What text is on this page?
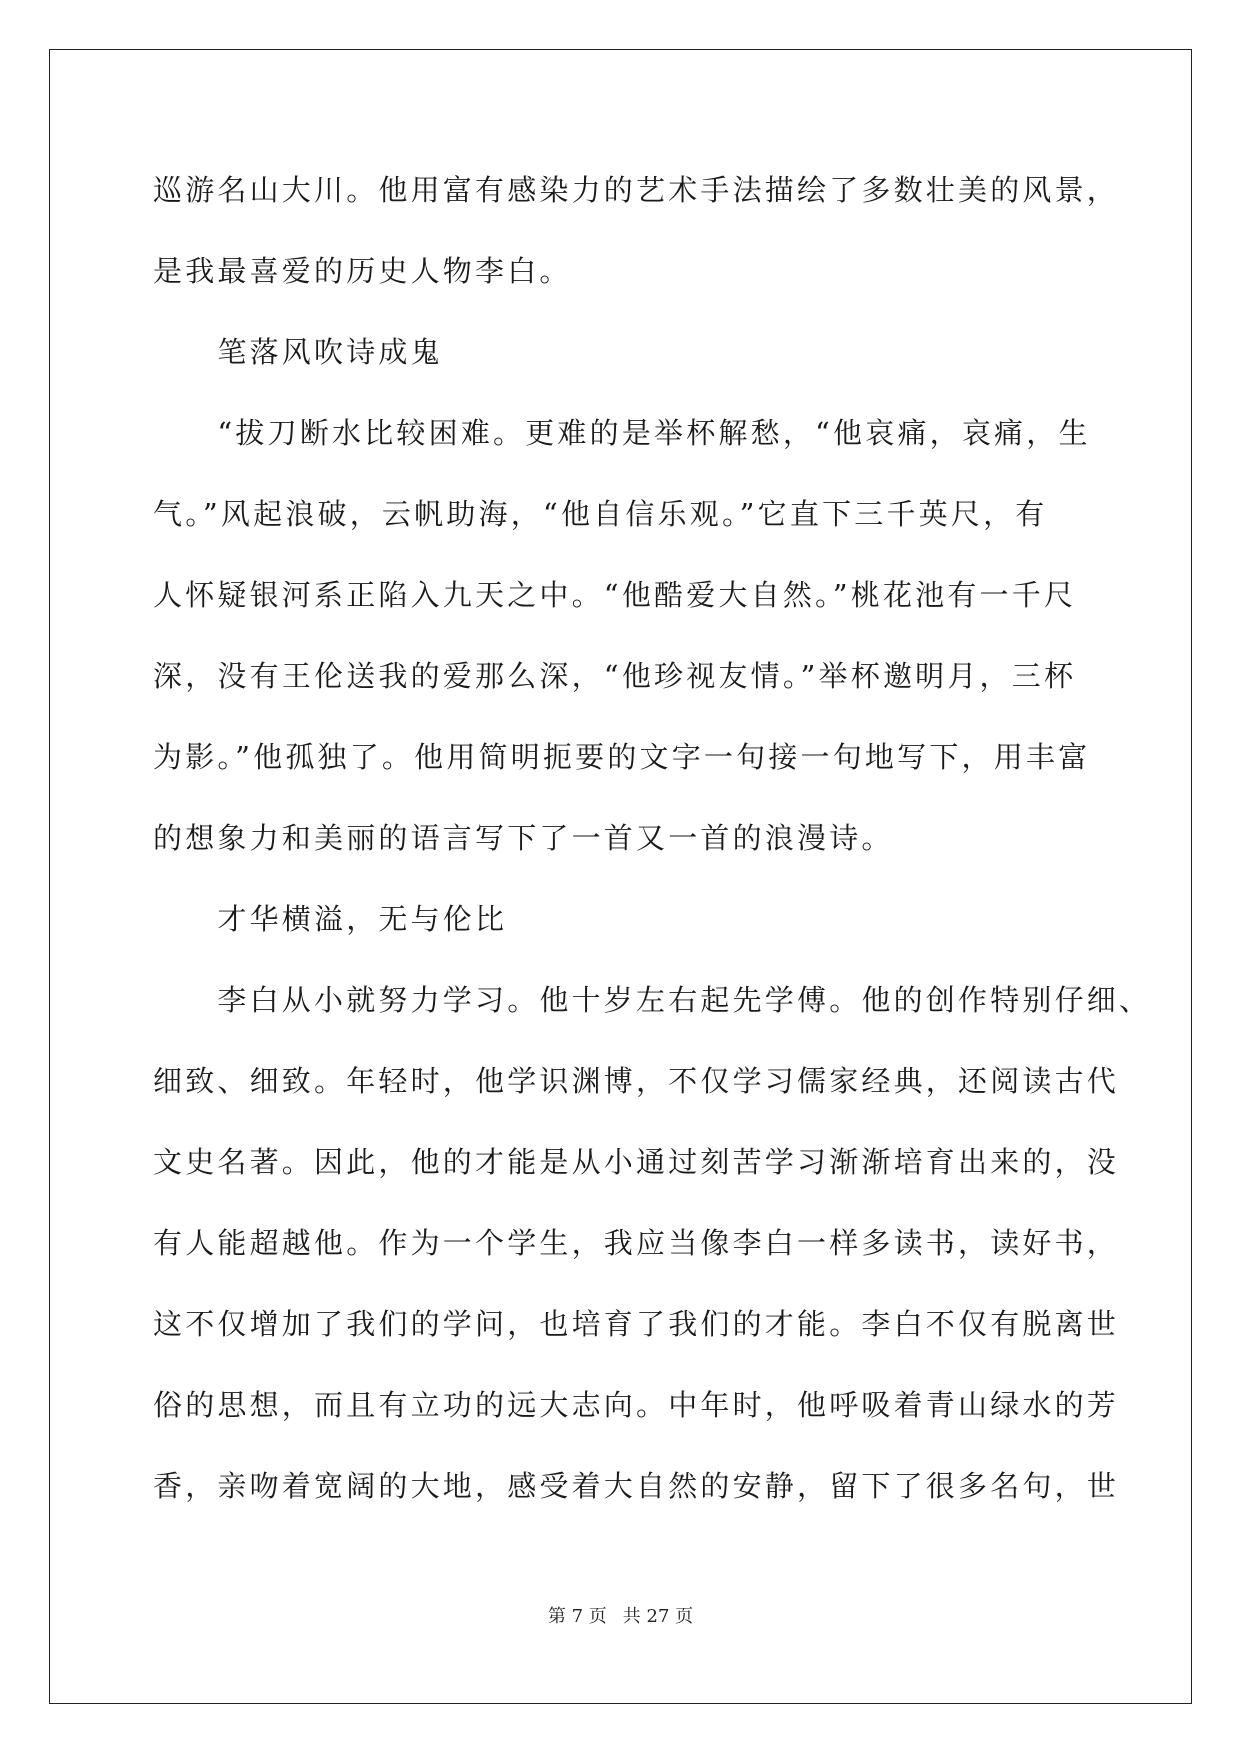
巡游名山大川。他用富有感染力的艺术手法描绘了多数壮美的风景，
是我最喜爱的历史人物李白。
　　笔落风吹诗成鬼
　　“拔刀断水比较困难。更难的是举杯解愁，“他哀痛，哀痛，生
气。”风起浪破，云帆助海，“他自信乐观。”它直下三千英尺，有
人怀疑银河系正陷入九天之中。“他酷爱大自然。”桃花池有一千尺
深，没有王伦送我的爱那么深，“他珍视友情。”举杯邀明月，三杯
为影。”他孤独了。他用简明扼要的文字一句接一句地写下，用丰富
的想象力和美丽的语言写下了一首又一首的浪漫诗。
　　才华横溢，无与伦比
　　李白从小就努力学习。他十岁左右起先学傅。他的创作特别仔细、
细致、细致。年轻时，他学识渊博，不仅学习儒家经典，还阅读古代
文史名著。因此，他的才能是从小通过刻苦学习渐渐培育出来的，没
有人能超越他。作为一个学生，我应当像李白一样多读书，读好书，
这不仅增加了我们的学问，也培育了我们的才能。李白不仅有脱离世
俗的思想，而且有立功的远大志向。中年时，他呼吸着青山绿水的芳
香，亲吻着宽阔的大地，感受着大自然的安静，留下了很多名句，世
第 7 页 共 27 页
